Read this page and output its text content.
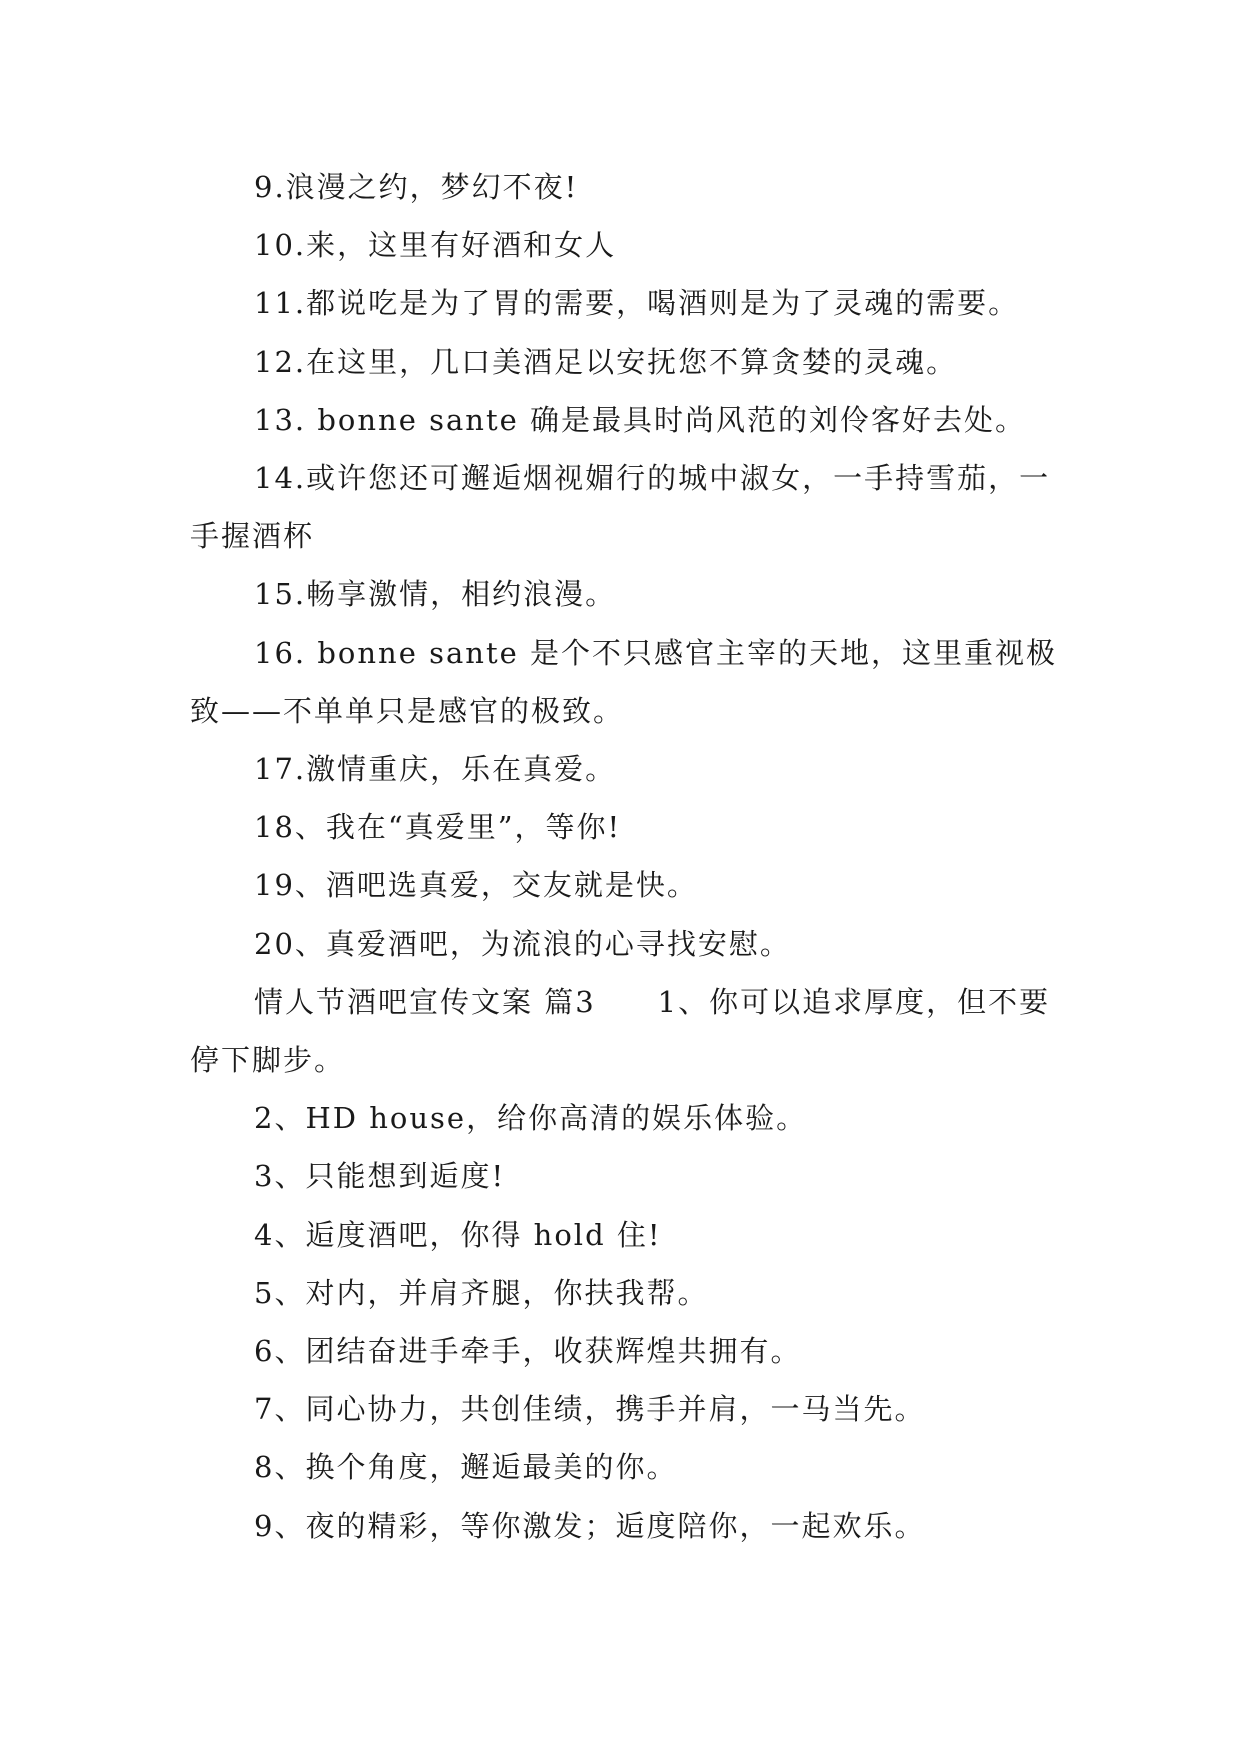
9.浪漫之约，梦幻不夜!

10.来，这里有好酒和女人

11.都说吃是为了胃的需要，喝酒则是为了灵魂的需要。

12.在这里，几口美酒足以安抚您不算贪婪的灵魂。

13. bonne sante 确是最具时尚风范的刘伶客好去处。

14.或许您还可邂逅烟视媚行的城中淑女，一手持雪茄，一手握酒杯

15.畅享激情，相约浪漫。

16. bonne sante 是个不只感官主宰的天地，这里重视极致——不单单只是感官的极致。

17.激情重庆，乐在真爱。

18、我在“真爱里”，等你!

19、酒吧选真爱，交友就是快。

20、真爱酒吧，为流浪的心寻找安慰。

情人节酒吧宣传文案 篇3　　1、你可以追求厚度，但不要停下脚步。

2、HD house，给你高清的娱乐体验。

3、只能想到逅度!

4、逅度酒吧，你得 hold 住!

5、对内，并肩齐腿，你扶我帮。

6、团结奋进手牵手，收获辉煌共拥有。

7、同心协力，共创佳绩，携手并肩，一马当先。

8、换个角度，邂逅最美的你。

9、夜的精彩，等你激发；逅度陪你，一起欢乐。
